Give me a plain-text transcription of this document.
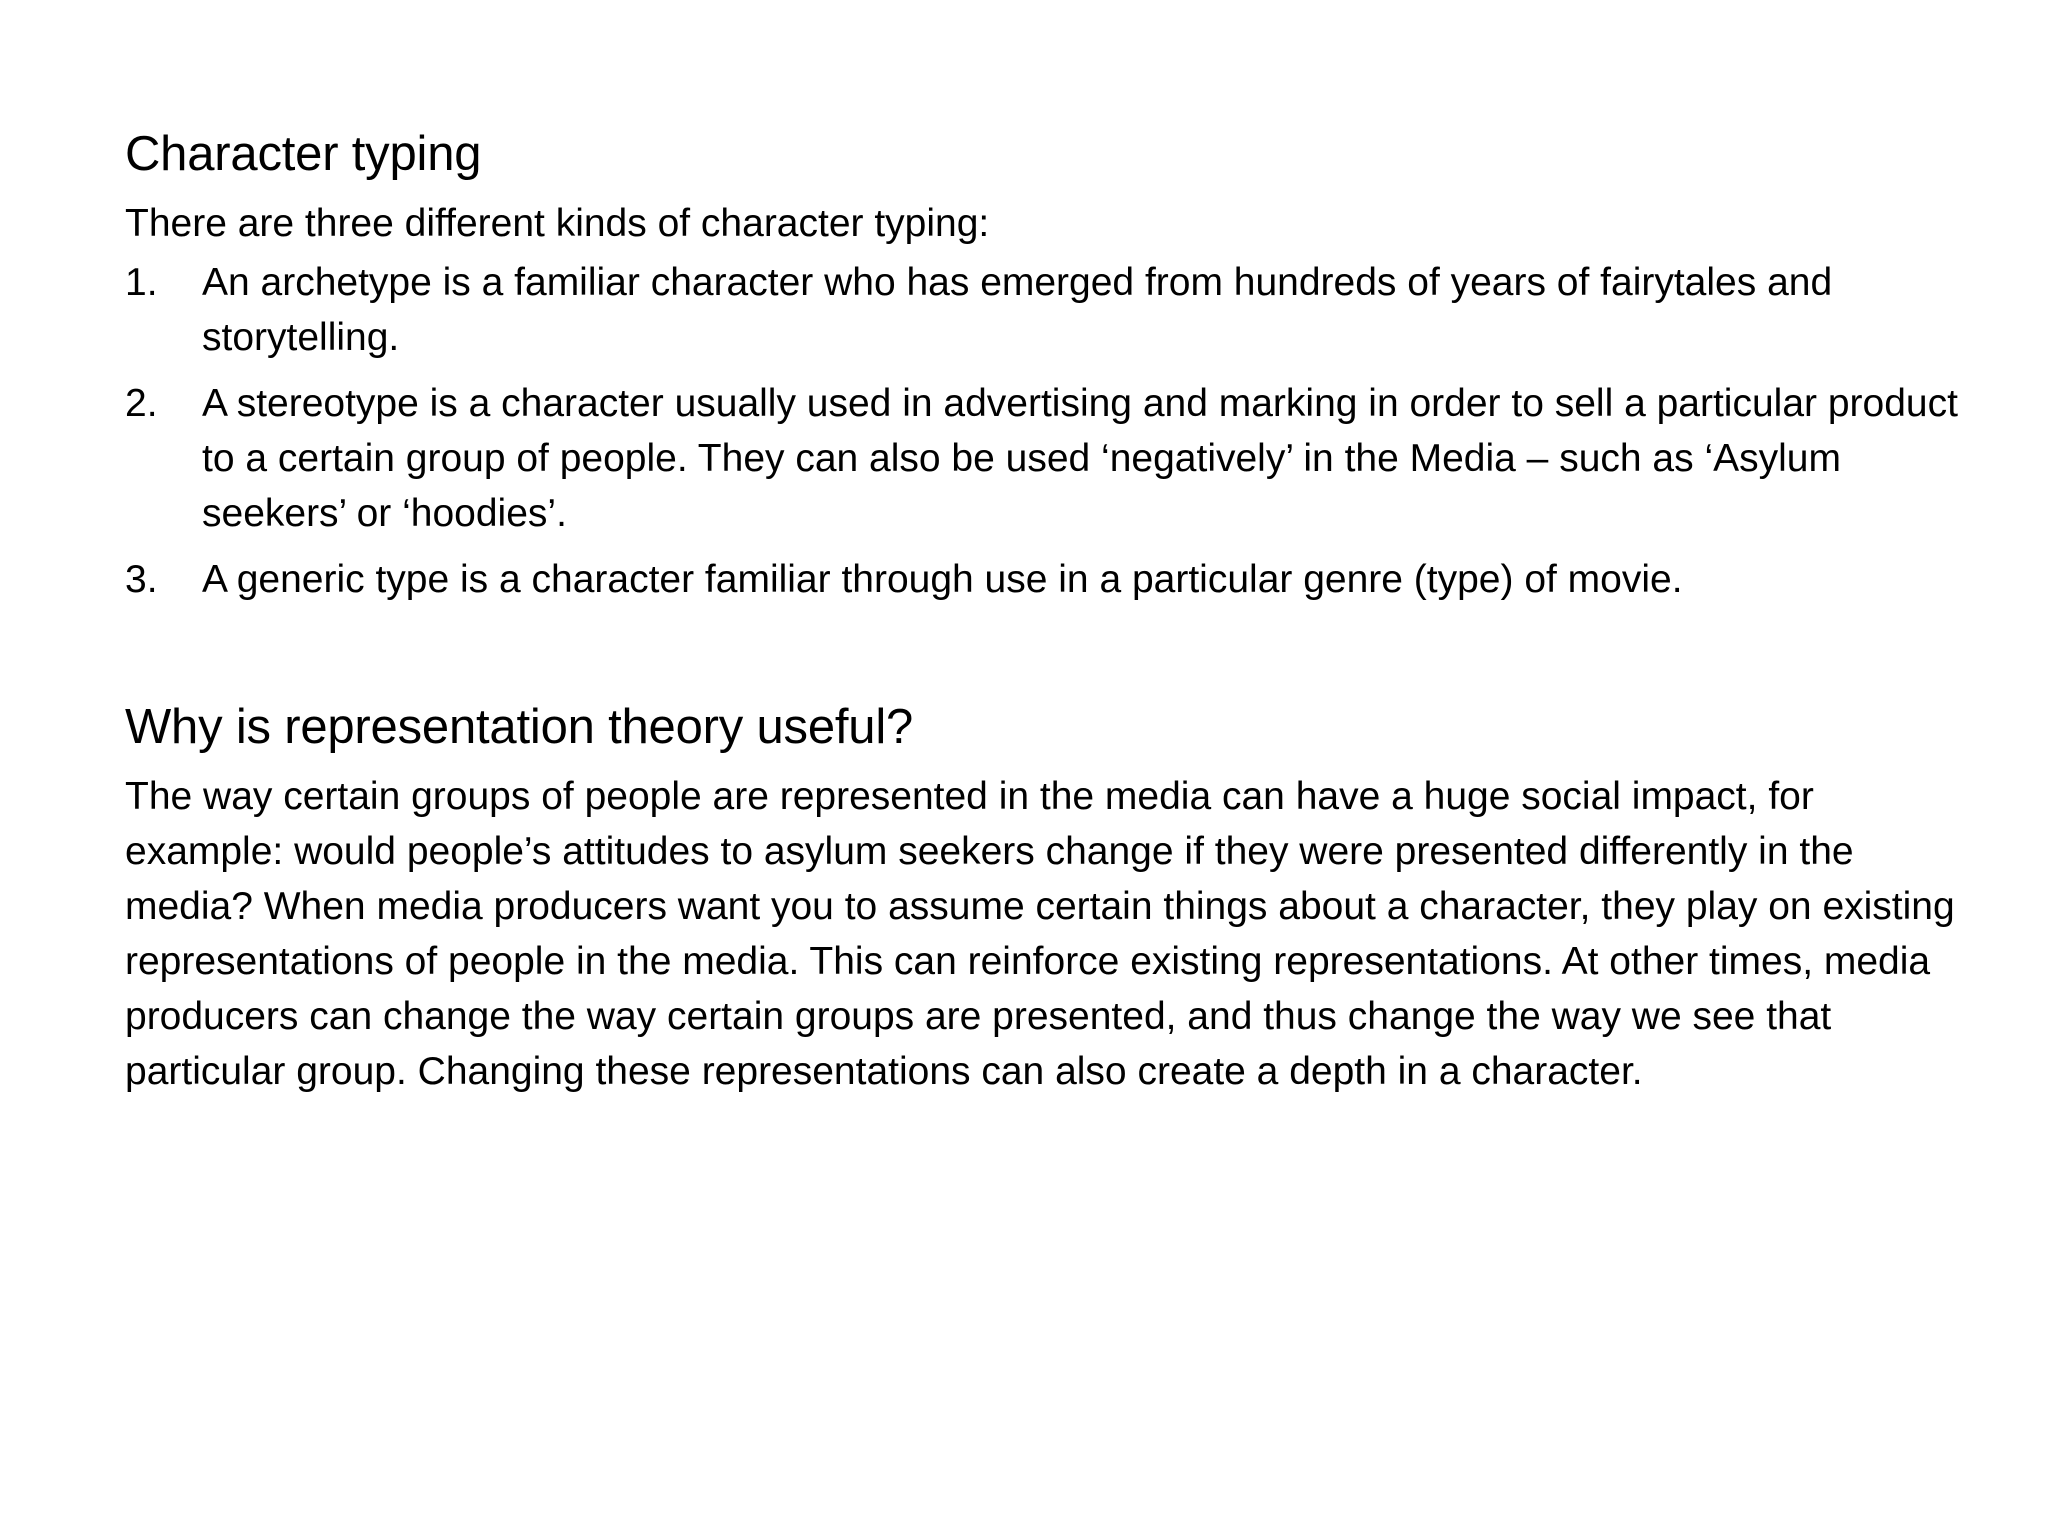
Character typing

There are three different kinds of character typing:

1.	An archetype is a familiar character who has emerged from hundreds of years of fairytales and storytelling.
2.	A stereotype is a character usually used in advertising and marking in order to sell a particular product to a certain group of people. They can also be used ‘negatively’ in the Media – such as ‘Asylum seekers’ or ‘hoodies’.
3.	A generic type is a character familiar through use in a particular genre (type) of movie.
Why is representation theory useful?

The way certain groups of people are represented in the media can have a huge social impact, for example: would people’s attitudes to asylum seekers change if they were presented differently in the media? When media producers want you to assume certain things about a character, they play on existing representations of people in the media. This can reinforce existing representations. At other times, media producers can change the way certain groups are presented, and thus change the way we see that particular group. Changing these representations can also create a depth in a character.
